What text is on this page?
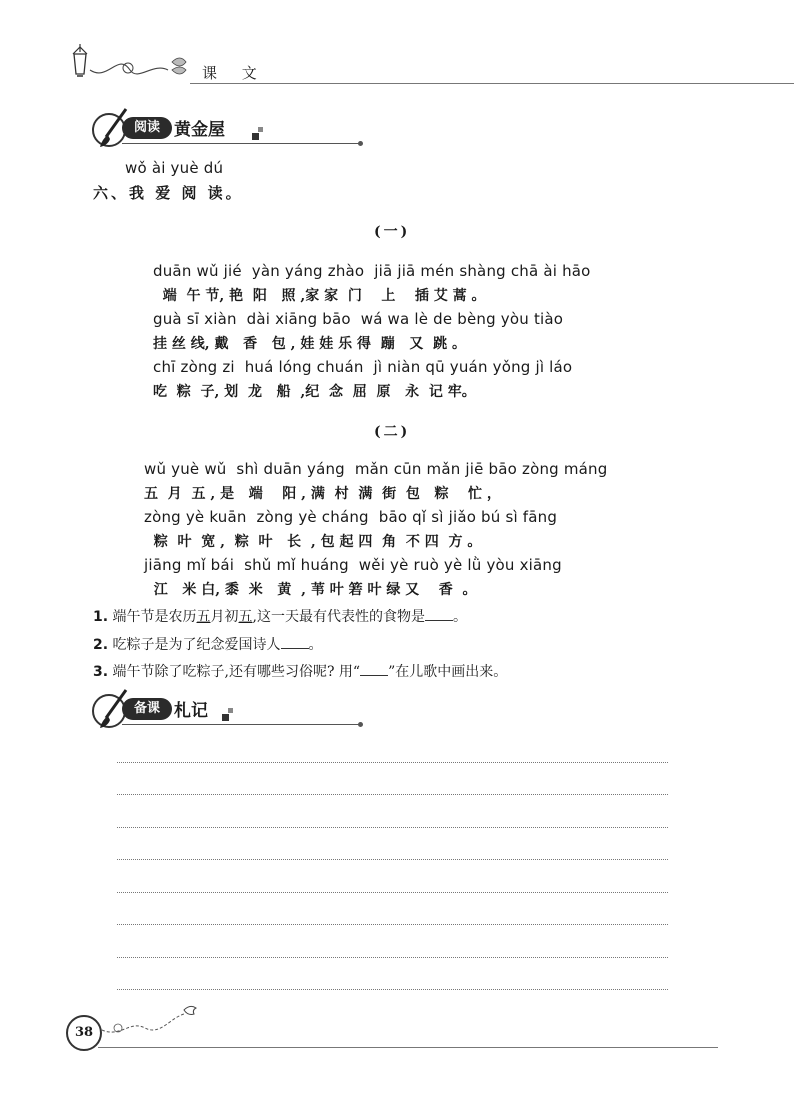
课 文
阅读 黄金屋
wǒ ài yuè dú
六、我 爱 阅 读。
(一)
duān wǔ jié  yàn yáng zhào  jiā jiā mén shàng chā ài hāo
端  午 节, 艳  阳   照 ,家 家  门    上    插 艾 蒿 。
guà sī xiàn  dài xiāng bāo  wá wa lè de bèng yòu tiào
挂 丝 线, 戴   香   包 , 娃 娃 乐 得  蹦   又  跳 。
chī zòng zi  huá lóng chuán  jì niàn qū yuán yǒng jì láo
吃  粽  子, 划  龙   船  ,纪  念  屈  原   永  记 牢。
(二)
wǔ yuè wǔ  shì duān yáng  mǎn cūn mǎn jiē bāo zòng máng
五  月  五 , 是   端    阳 , 满  村  满  街  包   粽    忙 ，
zòng yè kuān  zòng yè cháng  bāo qǐ sì jiǎo bú sì fāng
粽  叶  宽 ,  粽  叶   长  , 包 起 四  角  不 四  方 。
jiāng mǐ bái  shǔ mǐ huáng  wěi yè ruò yè lǜ yòu xiāng
江   米 白, 黍  米   黄  , 苇 叶 箬 叶 绿 又    香  。
1. 端午节是农历五月初五,这一天最有代表性的食物是 。
2. 吃粽子是为了纪念爱国诗人 。
3. 端午节除了吃粽子,还有哪些习俗呢? 用“ ”在儿歌中画出来。
备课 札记
38
